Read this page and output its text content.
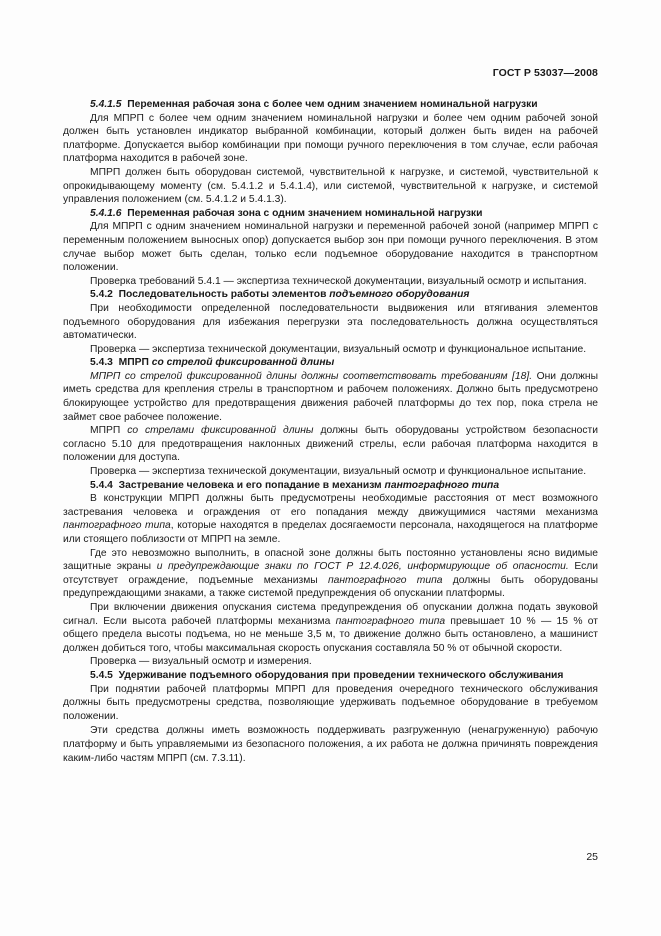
ГОСТ Р 53037—2008

5.4.1.5 Переменная рабочая зона с более чем одним значением номинальной нагрузки

Для МПРП с более чем одним значением номинальной нагрузки и более чем одним рабочей зоной должен быть установлен индикатор выбранной комбинации, который должен быть виден на рабочей платформе. Допускается выбор комбинации при помощи ручного переключения в том случае, если рабочая платформа находится в рабочей зоне.

МПРП должен быть оборудован системой, чувствительной к нагрузке, и системой, чувствительной к опрокидывающему моменту (см. 5.4.1.2 и 5.4.1.4), или системой, чувствительной к нагрузке, и системой управления положением (см. 5.4.1.2 и 5.4.1.3).

5.4.1.6 Переменная рабочая зона с одним значением номинальной нагрузки

Для МПРП с одним значением номинальной нагрузки и переменной рабочей зоной (например МПРП с переменным положением выносных опор) допускается выбор зон при помощи ручного переключения. В этом случае выбор может быть сделан, только если подъемное оборудование находится в транспортном положении.

Проверка требований 5.4.1 — экспертиза технической документации, визуальный осмотр и испытания.

5.4.2 Последовательность работы элементов подъемного оборудования

При необходимости определенной последовательности выдвижения или втягивания элементов подъемного оборудования для избежания перегрузки эта последовательность должна осуществляться автоматически.

Проверка — экспертиза технической документации, визуальный осмотр и функциональное испытание.

5.4.3 МПРП со стрелой фиксированной длины

МПРП со стрелой фиксированной длины должны соответствовать требованиям [18]. Они должны иметь средства для крепления стрелы в транспортном и рабочем положениях. Должно быть предусмотрено блокирующее устройство для предотвращения движения рабочей платформы до тех пор, пока стрела не займет свое рабочее положение.

МПРП со стрелами фиксированной длины должны быть оборудованы устройством безопасности согласно 5.10 для предотвращения наклонных движений стрелы, если рабочая платформа находится в положении для доступа.

Проверка — экспертиза технической документации, визуальный осмотр и функциональное испытание.

5.4.4 Застревание человека и его попадание в механизм пантографного типа

В конструкции МПРП должны быть предусмотрены необходимые расстояния от мест возможного застревания человека и ограждения от его попадания между движущимися частями механизма пантографного типа, которые находятся в пределах досягаемости персонала, находящегося на платформе или стоящего поблизости от МПРП на земле.

Где это невозможно выполнить, в опасной зоне должны быть постоянно установлены ясно видимые защитные экраны и предупреждающие знаки по ГОСТ Р 12.4.026, информирующие об опасности. Если отсутствует ограждение, подъемные механизмы пантографного типа должны быть оборудованы предупреждающими знаками, а также системой предупреждения об опускании платформы.

При включении движения опускания система предупреждения об опускании должна подать звуковой сигнал. Если высота рабочей платформы механизма пантографного типа превышает 10 % — 15 % от общего предела высоты подъема, но не меньше 3,5 м, то движение должно быть остановлено, а машинист должен добиться того, чтобы максимальная скорость опускания составляла 50 % от обычной скорости.

Проверка — визуальный осмотр и измерения.

5.4.5 Удерживание подъемного оборудования при проведении технического обслуживания

При поднятии рабочей платформы МПРП для проведения очередного технического обслуживания должны быть предусмотрены средства, позволяющие удерживать подъемное оборудование в требуемом положении.

Эти средства должны иметь возможность поддерживать разгруженную (ненагруженную) рабочую платформу и быть управляемыми из безопасного положения, а их работа не должна причинять повреждения каким-либо частям МПРП (см. 7.3.11).

25
